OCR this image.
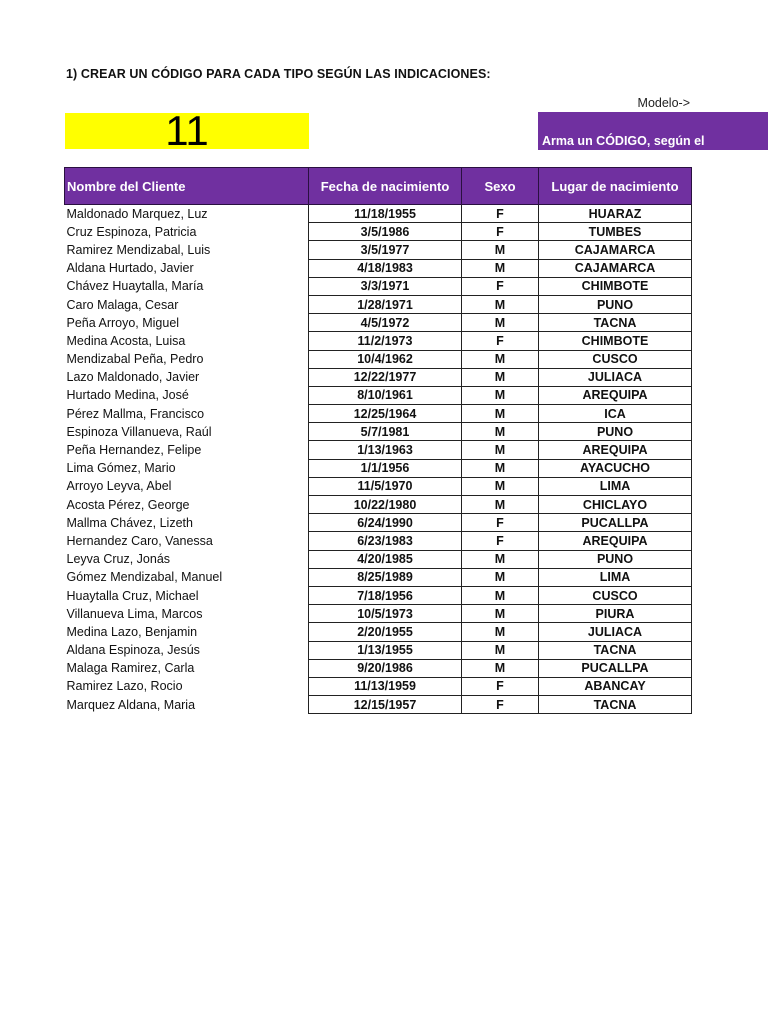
1) CREAR UN CÓDIGO PARA CADA TIPO SEGÚN LAS INDICACIONES:
Modelo->
11	Arma un CÓDIGO, según el
Nombre del Cliente	Fecha de nacimiento	Sexo	Lugar de nacimiento
Maldonado Marquez, Luz	11/18/1955	F	HUARAZ
Cruz Espinoza, Patricia	3/5/1986	F	TUMBES
Ramirez Mendizabal, Luis	3/5/1977	M	CAJAMARCA
Aldana Hurtado, Javier	4/18/1983	M	CAJAMARCA
Chávez Huaytalla, María	3/3/1971	F	CHIMBOTE
Caro Malaga, Cesar	1/28/1971	M	PUNO
Peña Arroyo, Miguel	4/5/1972	M	TACNA
Medina Acosta, Luisa	11/2/1973	F	CHIMBOTE
Mendizabal Peña, Pedro	10/4/1962	M	CUSCO
Lazo Maldonado, Javier	12/22/1977	M	JULIACA
Hurtado Medina, José	8/10/1961	M	AREQUIPA
Pérez Mallma, Francisco	12/25/1964	M	ICA
Espinoza Villanueva, Raúl	5/7/1981	M	PUNO
Peña Hernandez, Felipe	1/13/1963	M	AREQUIPA
Lima Gómez, Mario	1/1/1956	M	AYACUCHO
Arroyo Leyva, Abel	11/5/1970	M	LIMA
Acosta Pérez, George	10/22/1980	M	CHICLAYO
Mallma Chávez, Lizeth	6/24/1990	F	PUCALLPA
Hernandez Caro, Vanessa	6/23/1983	F	AREQUIPA
Leyva Cruz, Jonás	4/20/1985	M	PUNO
Gómez Mendizabal, Manuel	8/25/1989	M	LIMA
Huaytalla Cruz, Michael	7/18/1956	M	CUSCO
Villanueva Lima, Marcos	10/5/1973	M	PIURA
Medina Lazo, Benjamin	2/20/1955	M	JULIACA
Aldana Espinoza, Jesús	1/13/1955	M	TACNA
Malaga Ramirez, Carla	9/20/1986	M	PUCALLPA
Ramirez Lazo, Rocio	11/13/1959	F	ABANCAY
Marquez Aldana, Maria	12/15/1957	F	TACNA
